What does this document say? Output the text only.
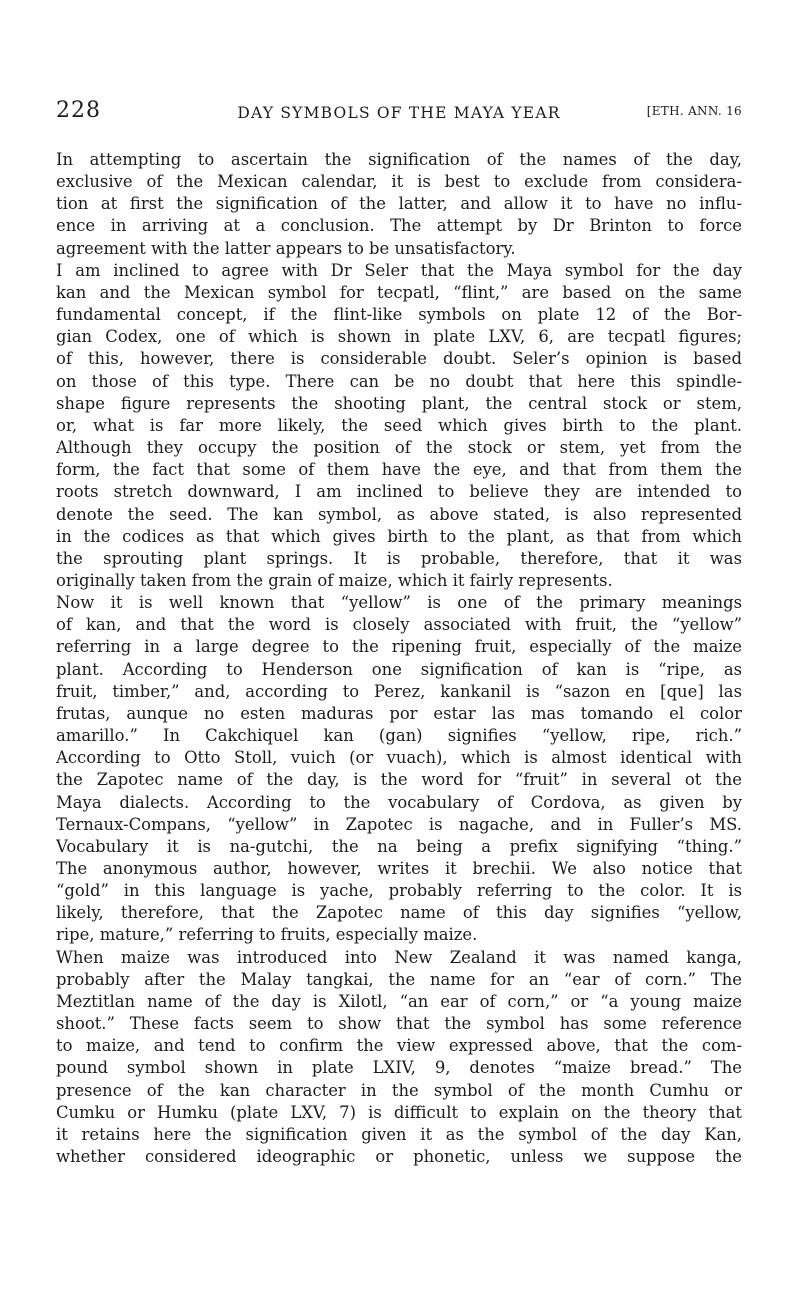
228	DAY SYMBOLS OF THE MAYA YEAR	[ETH. ANN. 16
In attempting to ascertain the signification of the names of the day,
exclusive of the Mexican calendar, it is best to exclude from considera-
tion at first the signification of the latter, and allow it to have no influ-
ence in arriving at a conclusion. The attempt by Dr Brinton to force
agreement with the latter appears to be unsatisfactory.
I am inclined to agree with Dr Seler that the Maya symbol for the day
kan and the Mexican symbol for tecpatl, “flint,” are based on the same
fundamental concept, if the flint-like symbols on plate 12 of the Bor-
gian Codex, one of which is shown in plate LXV, 6, are tecpatl figures;
of this, however, there is considerable doubt. Seler’s opinion is based
on those of this type. There can be no doubt that here this spindle-
shape figure represents the shooting plant, the central stock or stem,
or, what is far more likely, the seed which gives birth to the plant.
Although they occupy the position of the stock or stem, yet from the
form, the fact that some of them have the eye, and that from them the
roots stretch downward, I am inclined to believe they are intended to
denote the seed. The kan symbol, as above stated, is also represented
in the codices as that which gives birth to the plant, as that from which
the sprouting plant springs. It is probable, therefore, that it was
originally taken from the grain of maize, which it fairly represents.
Now it is well known that “yellow” is one of the primary meanings
of kan, and that the word is closely associated with fruit, the “yellow”
referring in a large degree to the ripening fruit, especially of the maize
plant. According to Henderson one signification of kan is “ripe, as
fruit, timber,” and, according to Perez, kankanil is “sazon en [que] las
frutas, aunque no esten maduras por estar las mas tomando el color
amarillo.” In Cakchiquel kan (gan) signifies “yellow, ripe, rich.”
According to Otto Stoll, vuich (or vuach), which is almost identical with
the Zapotec name of the day, is the word for “fruit” in several ot the
Maya dialects. According to the vocabulary of Cordova, as given by
Ternaux-Compans, “yellow” in Zapotec is nagache, and in Fuller’s MS.
Vocabulary it is na-gutchi, the na being a prefix signifying “thing.”
The anonymous author, however, writes it brechii. We also notice that
“gold” in this language is yache, probably referring to the color. It is
likely, therefore, that the Zapotec name of this day signifies “yellow,
ripe, mature,” referring to fruits, especially maize.
When maize was introduced into New Zealand it was named kanga,
probably after the Malay tangkai, the name for an “ear of corn.” The
Meztitlan name of the day is Xilotl, “an ear of corn,” or “a young maize
shoot.” These facts seem to show that the symbol has some reference
to maize, and tend to confirm the view expressed above, that the com-
pound symbol shown in plate LXIV, 9, denotes “maize bread.” The
presence of the kan character in the symbol of the month Cumhu or
Cumku or Humku (plate LXV, 7) is difficult to explain on the theory that
it retains here the signification given it as the symbol of the day Kan,
whether considered ideographic or phonetic, unless we suppose the
